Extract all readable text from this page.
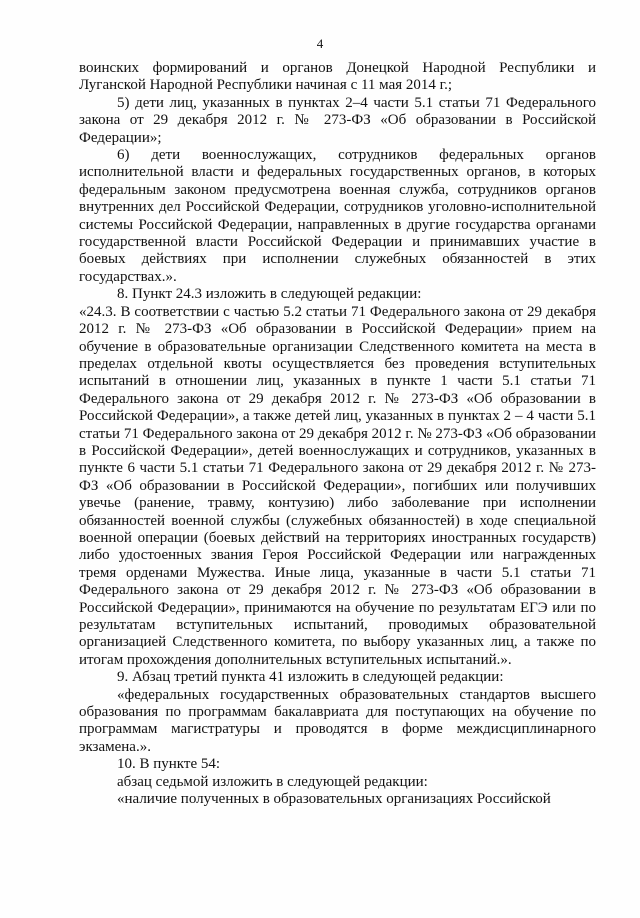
4

воинских формирований и органов Донецкой Народной Республики и Луганской Народной Республики начиная с 11 мая 2014 г.;

5) дети лиц, указанных в пунктах 2–4 части 5.1 статьи 71 Федерального закона от 29 декабря 2012 г. № 273-ФЗ «Об образовании в Российской Федерации»;

6) дети военнослужащих, сотрудников федеральных органов исполнительной власти и федеральных государственных органов, в которых федеральным законом предусмотрена военная служба, сотрудников органов внутренних дел Российской Федерации, сотрудников уголовно-исполнительной системы Российской Федерации, направленных в другие государства органами государственной власти Российской Федерации и принимавших участие в боевых действиях при исполнении служебных обязанностей в этих государствах.».

8. Пункт 24.3 изложить в следующей редакции:

«24.3. В соответствии с частью 5.2 статьи 71 Федерального закона от 29 декабря 2012 г. № 273-ФЗ «Об образовании в Российской Федерации» прием на обучение в образовательные организации Следственного комитета на места в пределах отдельной квоты осуществляется без проведения вступительных испытаний в отношении лиц, указанных в пункте 1 части 5.1 статьи 71 Федерального закона от 29 декабря 2012 г. № 273-ФЗ «Об образовании в Российской Федерации», а также детей лиц, указанных в пунктах 2 – 4 части 5.1 статьи 71 Федерального закона от 29 декабря 2012 г. № 273-ФЗ «Об образовании в Российской Федерации», детей военнослужащих и сотрудников, указанных в пункте 6 части 5.1 статьи 71 Федерального закона от 29 декабря 2012 г. № 273-ФЗ «Об образовании в Российской Федерации», погибших или получивших увечье (ранение, травму, контузию) либо заболевание при исполнении обязанностей военной службы (служебных обязанностей) в ходе специальной военной операции (боевых действий на территориях иностранных государств) либо удостоенных звания Героя Российской Федерации или награжденных тремя орденами Мужества. Иные лица, указанные в части 5.1 статьи 71 Федерального закона от 29 декабря 2012 г. № 273-ФЗ «Об образовании в Российской Федерации», принимаются на обучение по результатам ЕГЭ или по результатам вступительных испытаний, проводимых образовательной организацией Следственного комитета, по выбору указанных лиц, а также по итогам прохождения дополнительных вступительных испытаний.».

9. Абзац третий пункта 41 изложить в следующей редакции:

«федеральных государственных образовательных стандартов высшего образования по программам бакалавриата для поступающих на обучение по программам магистратуры и проводятся в форме междисциплинарного экзамена.».

10. В пункте 54:

абзац седьмой изложить в следующей редакции:

«наличие полученных в образовательных организациях Российской
